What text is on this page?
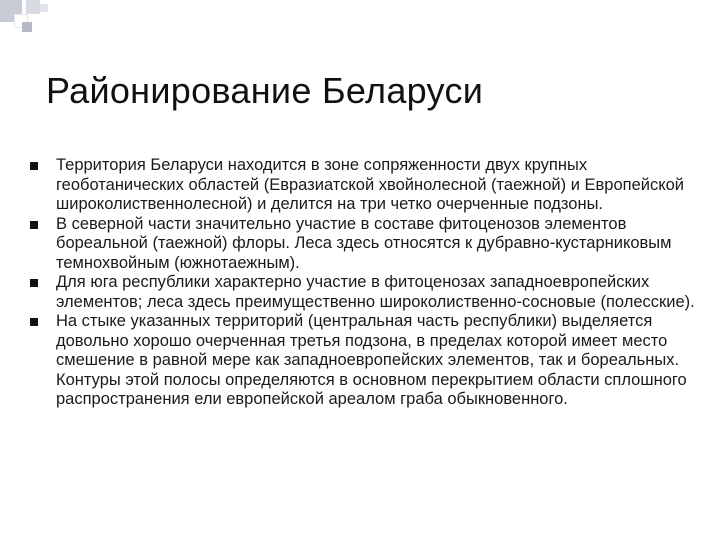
Районирование Беларуси
Территория Беларуси находится в зоне сопряженности двух крупных геоботанических областей (Евразиатской хвойнолесной (таежной) и Европейской широколиственнолесной) и делится на три четко очерченные подзоны.
В северной части значительно участие в составе фитоценозов элементов бореальной (таежной) флоры. Леса здесь относятся к дубравно-кустарниковым темнохвойным (южнотаежным).
Для юга республики характерно участие в фитоценозах западноевропейских элементов; леса здесь преимущественно широколиственно-сосновые (полесские).
На стыке указанных территорий (центральная часть республики) выделяется довольно хорошо очерченная третья подзона, в пределах которой имеет место смешение в равной мере как западноевропейских элементов, так и бореальных. Контуры этой полосы определяются в основном перекрытием области сплошного распространения ели европейской ареалом граба обыкновенного.
